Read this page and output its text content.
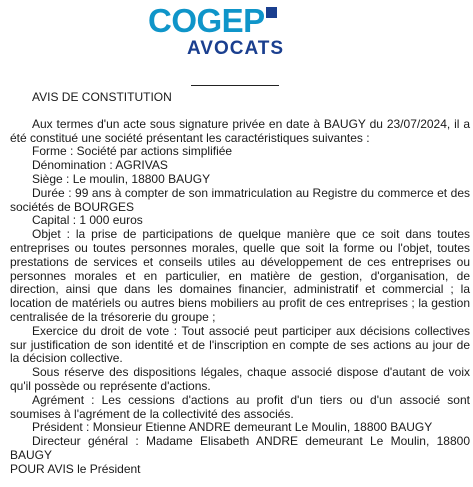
COGEP
AVOCATS

AVIS DE CONSTITUTION

Aux termes d'un acte sous signature privée en date à BAUGY du 23/07/2024, il a été constitué une société présentant les caractéristiques suivantes :

Forme : Société par actions simplifiée

Dénomination : AGRIVAS

Siège : Le moulin, 18800 BAUGY

Durée : 99 ans à compter de son immatriculation au Registre du commerce et des sociétés de BOURGES

Capital : 1 000 euros

Objet : la prise de participations de quelque manière que ce soit dans toutes entreprises ou toutes personnes morales, quelle que soit la forme ou l'objet, toutes prestations de services et conseils utiles au développement de ces entreprises ou personnes morales et en particulier, en matière de gestion, d'organisation, de direction, ainsi que dans les domaines financier, administratif et commercial ; la location de matériels ou autres biens mobiliers au profit de ces entreprises ; la gestion centralisée de la trésorerie du groupe ;

Exercice du droit de vote : Tout associé peut participer aux décisions collectives sur justification de son identité et de l'inscription en compte de ses actions au jour de la décision collective.

Sous réserve des dispositions légales, chaque associé dispose d'autant de voix qu'il possède ou représente d'actions.

Agrément : Les cessions d'actions au profit d'un tiers ou d'un associé sont soumises à l'agrément de la collectivité des associés.

Président : Monsieur Etienne ANDRE demeurant Le Moulin, 18800 BAUGY

Directeur général : Madame Elisabeth ANDRE demeurant Le Moulin, 18800 BAUGY

POUR AVIS le Président
